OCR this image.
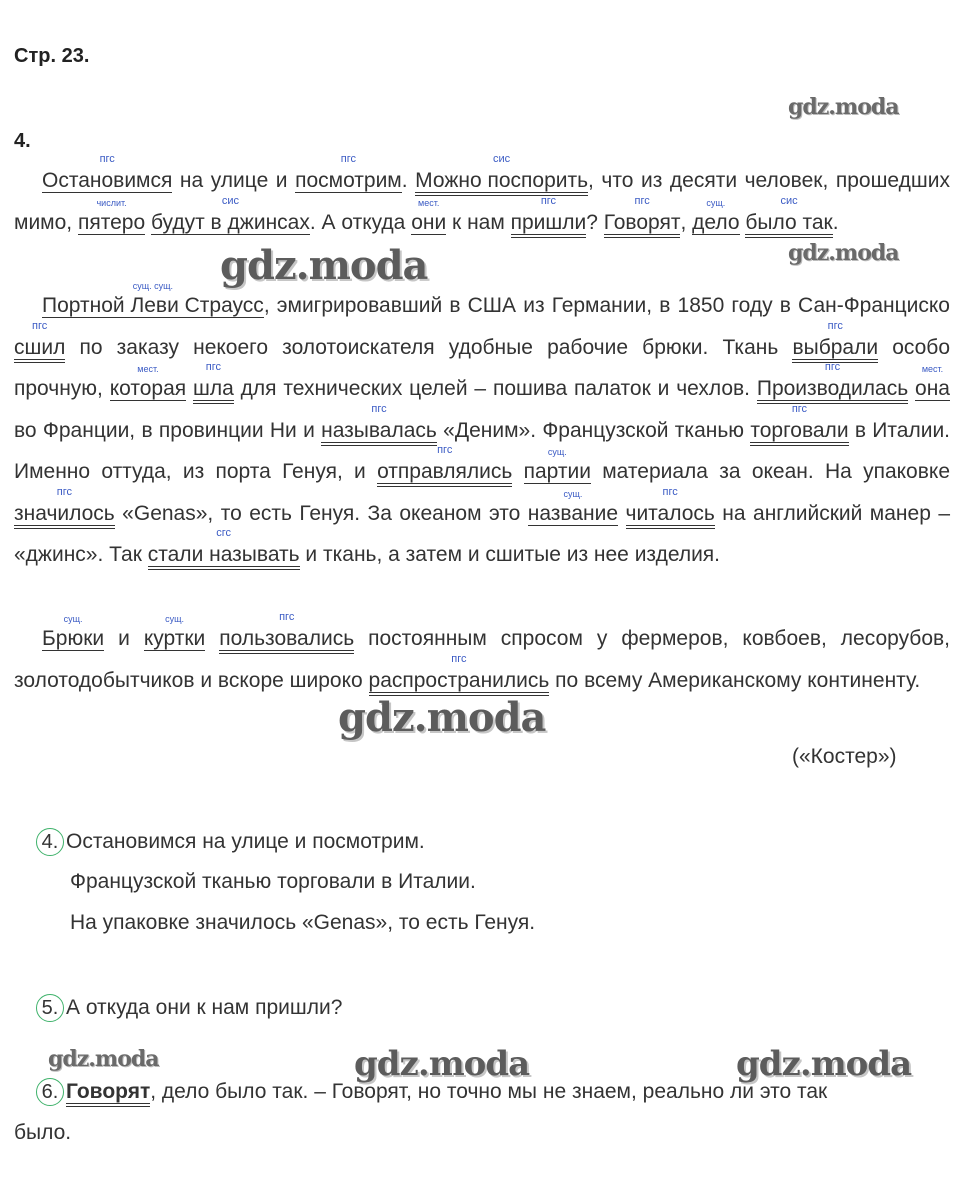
Стр. 23.
gdz.moda
4.
Остановимся
пгс
на улице и посмотрим
пгс
. Можно поспорить
сис
, что из десяти человек, прошедших мимо, пятеро
числит.
будут в джинсах
сис
. А откуда они
мест.
к нам пришли
пгс
? Говорят
пгс
, дело
сущ.
было так
сис
.
Портной Леви Страусс
сущ. сущ.
, эмигрировавший в США из Германии, в 1850 году в Сан-Франциско сшил
пгс
по заказу некоего золотоискателя удобные рабочие брюки. Ткань выбрали
пгс
особо прочную, которая
мест.
шла
пгс
для технических целей – пошива палаток и чехлов. Производилась
пгс
она
мест.
во Франции, в провинции Ни и называлась
пгс
«Деним». Французской тканью торговали
пгс
в Италии. Именно оттуда, из порта Генуя, и отправлялись
пгс
партии
сущ.
материала за океан. На упаковке значилось
пгс
«Genas», то есть Генуя. За океаном это название
сущ.
читалось
пгс
на английский манер – «джинс». Так стали называть
сгс
и ткань, а затем и сшитые из нее изделия.
Брюки
сущ.
и куртки
сущ.
пользовались
пгс
постоянным спросом у фермеров, ковбоев, лесорубов, золотодобытчиков и вскоре широко распространились
пгс
по всему Американскому континенту.
gdz.moda
gdz.moda
gdz.moda
(«Костер»)
4. Остановимся на улице и посмотрим.
Французской тканью торговали в Италии.
На упаковке значилось «Genas», то есть Генуя.
5. А откуда они к нам пришли?
6. Говорят, дело было так. – Говорят, но точно мы не знаем, реально ли это так
было.
gdz.moda	gdz.moda	gdz.moda
